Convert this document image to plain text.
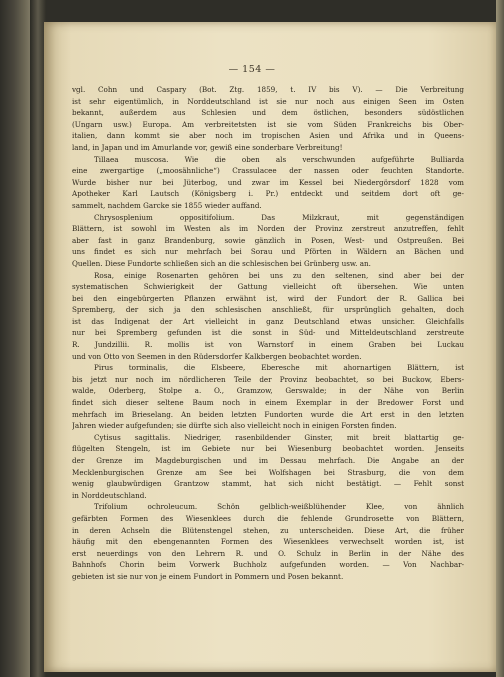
— 154 —

vgl. Cohn und Caspary (Bot. Ztg. 1859, t. IV bis V). — Die Verbreitung

ist sehr eigentümlich, in Norddeutschland ist sie nur noch aus einigen Seen im Osten

bekannt, außerdem aus Schlesien und dem östlichen, besonders südöstlichen

(Ungarn usw.) Europa. Am verbreitetsten ist sie vom Süden Frankreichs bis Ober-

italien, dann kommt sie aber noch im tropischen Asien und Afrika und in Queens-

land, in Japan und im Amurlande vor, gewiß eine sonderbare Verbreitung!

Tillaea muscosa. Wie die oben als verschwunden aufgeführte Bulliarda

eine zwergartige („moosähnliche“) Crassulacee der nassen oder feuchten Standorte.

Wurde bisher nur bei Jüterbog, und zwar im Kessel bei Niedergörsdorf 1828 vom

Apotheker Karl Lautsch (Königsberg i. Pr.) entdeckt und seitdem dort oft ge-

sammelt, nachdem Garcke sie 1855 wieder auffand.

Chrysosplenium oppositifolium. Das Milzkraut, mit gegenständigen

Blättern, ist sowohl im Westen als im Norden der Provinz zerstreut anzutreffen, fehlt

aber fast in ganz Brandenburg, sowie gänzlich in Posen, West- und Ostpreußen. Bei

uns findet es sich nur mehrfach bei Sorau und Pförten in Wäldern an Bächen und

Quellen. Diese Fundorte schließen sich an die schlesischen bei Grünberg usw. an.

Rosa, einige Rosenarten gehören bei uns zu den seltenen, sind aber bei der

systematischen Schwierigkeit der Gattung vielleicht oft übersehen. Wie unten

bei den eingebürgerten Pflanzen erwähnt ist, wird der Fundort der R. Gallica bei

Spremberg, der sich ja den schlesischen anschließt, für ursprünglich gehalten, doch

ist das Indigenat der Art vielleicht in ganz Deutschland etwas unsicher. Gleichfalls

nur bei Spremberg gefunden ist die sonst in Süd- und Mitteldeutschland zerstreute

R. Jundzillii. R. mollis ist von Warnstorf in einem Graben bei Luckau

und von Otto von Seemen in den Rüdersdorfer Kalkbergen beobachtet worden.

Pirus torminalis, die Elsbeere, Eberesche mit ahornartigen Blättern, ist

bis jetzt nur noch im nördlicheren Teile der Provinz beobachtet, so bei Buckow, Ebers-

walde, Oderberg, Stolpe a. O., Gramzow, Gerswalde; in der Nähe von Berlin

findet sich dieser seltene Baum noch in einem Exemplar in der Bredower Forst und

mehrfach im Brieselang. An beiden letzten Fundorten wurde die Art erst in den letzten

Jahren wieder aufgefunden; sie dürfte sich also vielleicht noch in einigen Forsten finden.

Cytisus sagittalis. Niedriger, rasenbildender Ginster, mit breit blattartig ge-

flügelten Stengeln, ist im Gebiete nur bei Wiesenburg beobachtet worden. Jenseits

der Grenze im Magdeburgischen und im Dessau mehrfach. Die Angabe an der

Mecklenburgischen Grenze am See bei Wolfshagen bei Strasburg, die von dem

wenig glaubwürdigen Grantzow stammt, hat sich nicht bestätigt. — Fehlt sonst

in Norddeutschland.

Trifolium ochroleucum. Schön gelblich-weißblühender Klee, von ähnlich

gefärbten Formen des Wiesenklees durch die fehlende Grundrosette von Blättern,

in deren Achseln die Blütenstengel stehen, zu unterscheiden. Diese Art, die früher

häufig mit den ebengenannten Formen des Wiesenklees verwechselt worden ist, ist

erst neuerdings von den Lehrern R. und O. Schulz in Berlin in der Nähe des

Bahnhofs Chorin beim Vorwerk Buchholz aufgefunden worden. — Von Nachbar-

gebieten ist sie nur von je einem Fundort in Pommern und Posen bekannt.
